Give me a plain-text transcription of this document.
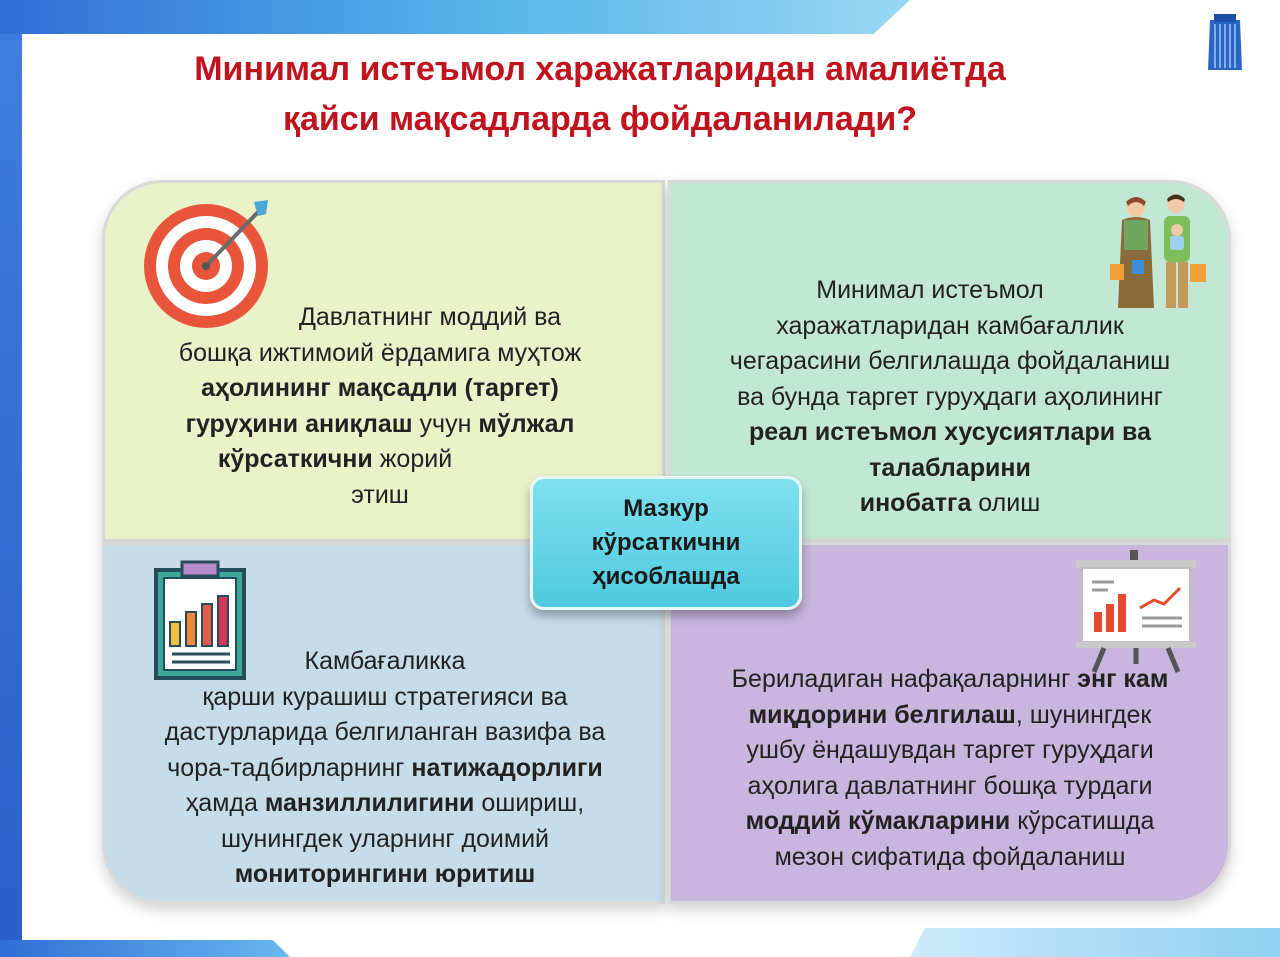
Минимал истеъмол харажатларидан амалиётда
қайси мақсадларда фойдаланилади?
Давлатнинг моддий ва
бошқа ижтимоий ёрдамига муҳтож
аҳолининг мақсадли (таргет)
гуруҳини аниқлаш учун мўлжал
кўрсаткични жорий
этиш
Минимал истеъмол
харажатларидан камбағаллик
чегарасини белгилашда фойдаланиш
ва бунда таргет гуруҳдаги аҳолининг
реал истеъмол хусусиятлари ва
талабларини
инобатга олиш
Камбағаликка
қарши курашиш стратегияси ва
дастурларида белгиланган вазифа ва
чора-тадбирларнинг натижадорлиги
ҳамда манзиллилигини ошириш,
шунингдек уларнинг доимий
мониторингини юритиш
Бериладиган нафақаларнинг энг кам
миқдорини белгилаш, шунингдек
ушбу ёндашувдан таргет гуруҳдаги
аҳолига давлатнинг бошқа турдаги
моддий кўмакларини кўрсатишда
мезон сифатида фойдаланиш
Мазкур
кўрсаткични
ҳисоблашда
